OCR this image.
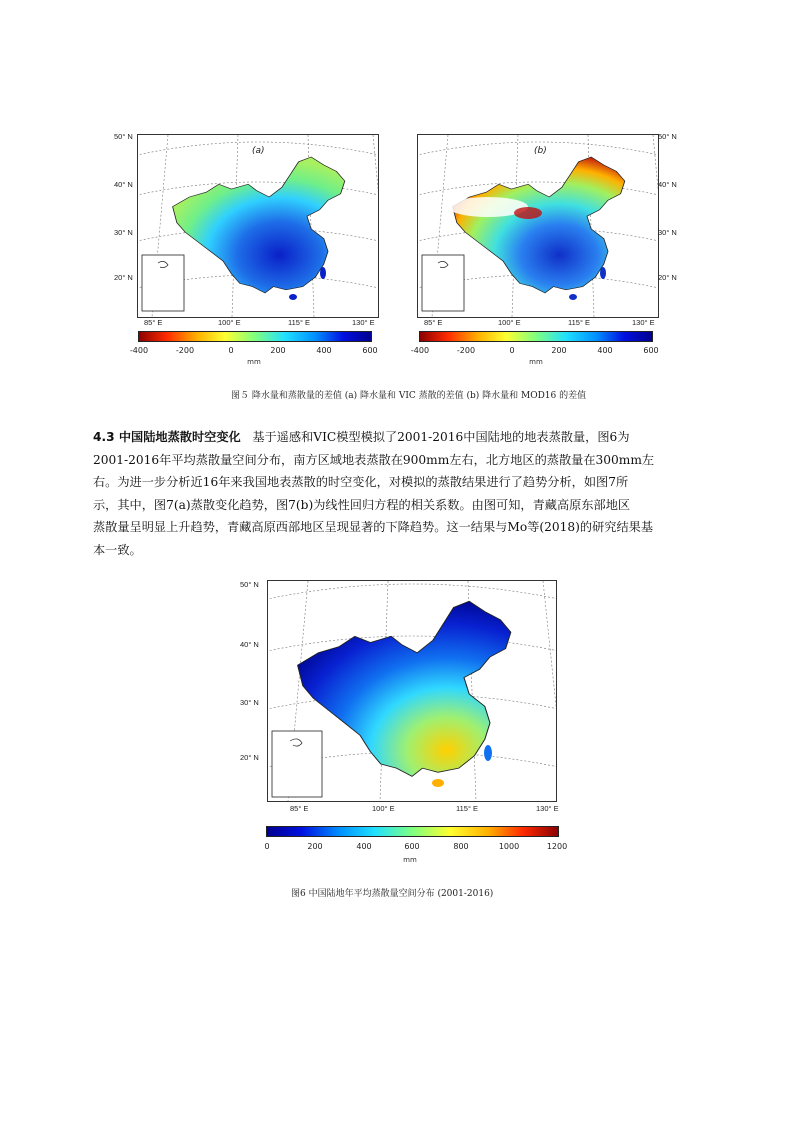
(a)
50° N
40° N
30° N
20° N
85° E	100° E	115° E	130° E
(b)
50° N
40° N
30° N
20° N
85° E	100° E	115° E	130° E
-400	-200	0	200	400	600
mm
-400	-200	0	200	400	600
mm
图５ 降水量和蒸散量的差值 (a) 降水量和 VIC 蒸散的差值 (b) 降水量和 MOD16 的差值
4.3 中国陆地蒸散时空变化 基于遥感和VIC模型模拟了2001-2016中国陆地的地表蒸散量，图6为
2001-2016年平均蒸散量空间分布，南方区域地表蒸散在900mm左右，北方地区的蒸散量在300mm左
右。为进一步分析近16年来我国地表蒸散的时空变化，对模拟的蒸散结果进行了趋势分析，如图7所
示，其中，图7(a)蒸散变化趋势，图7(b)为线性回归方程的相关系数。由图可知，青藏高原东部地区
蒸散量呈明显上升趋势，青藏高原西部地区呈现显著的下降趋势。这一结果与Mo等(2018)的研究结果基
本一致。
50° N
40° N
30° N
20° N
85° E	100° E	115° E	130° E
0	200	400	600	800	1000	1200
mm
图6 中国陆地年平均蒸散量空间分布 (2001-2016)
